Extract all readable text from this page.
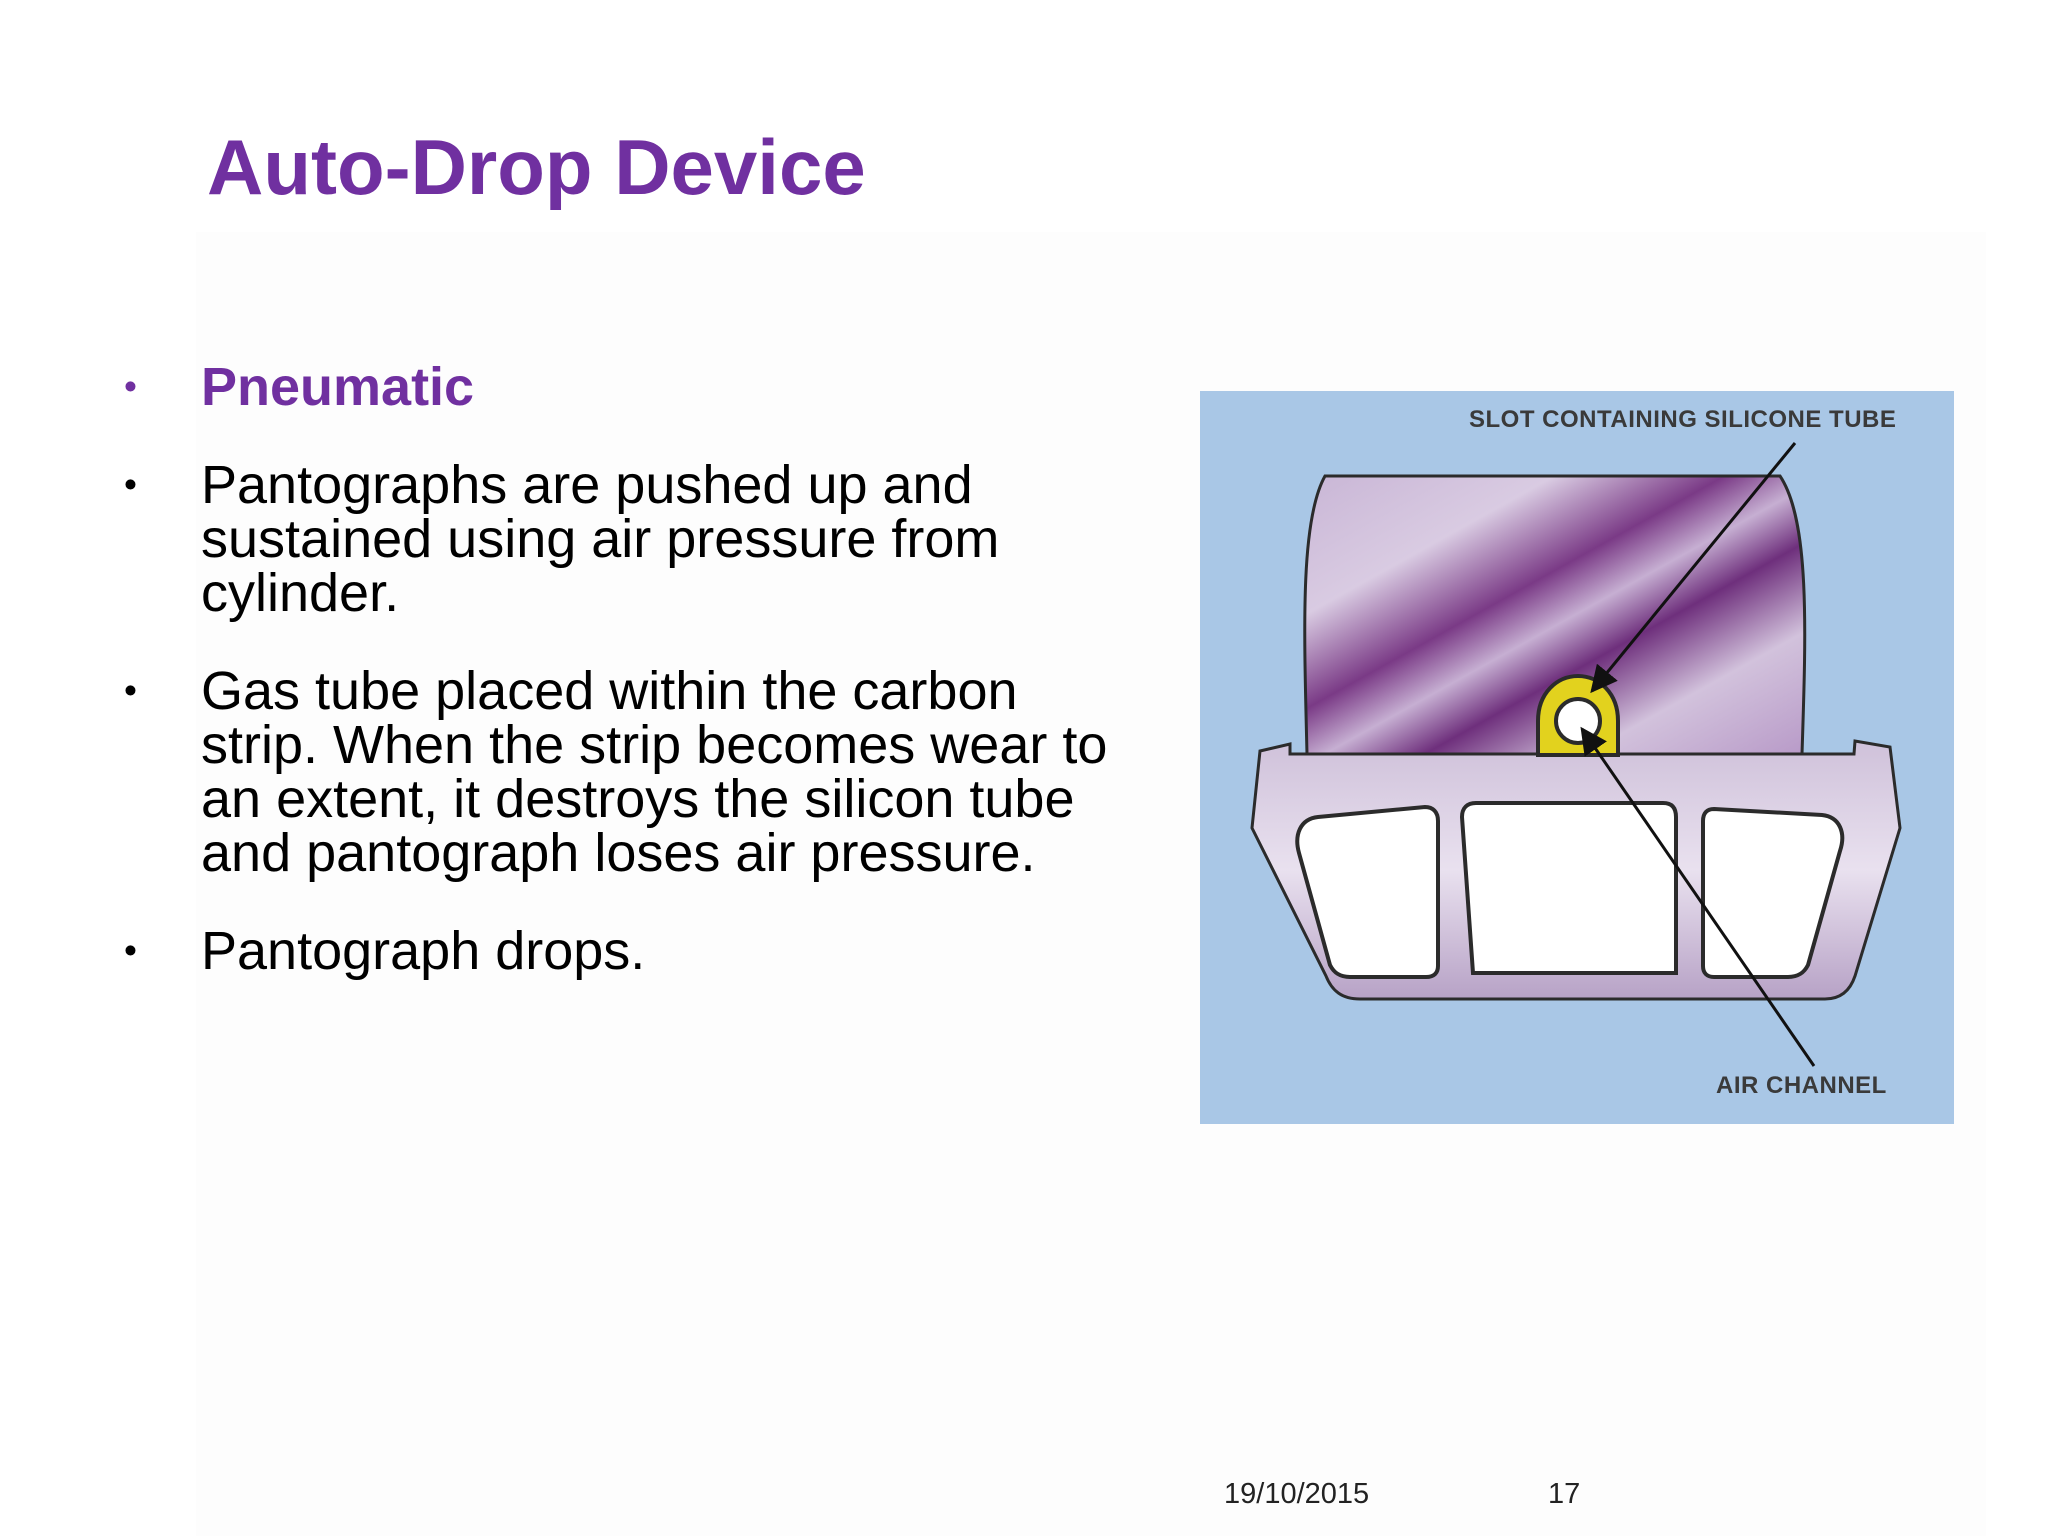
Auto-Drop Device
• Pneumatic
• Pantographs are pushed up and
sustained using air pressure from
cylinder.
• Gas tube placed within the carbon
strip. When the strip becomes wear to
an extent, it destroys the silicon tube
and pantograph loses air pressure.
• Pantograph drops.
SLOT CONTAINING SILICONE TUBE
AIR CHANNEL
19/10/2015	17
